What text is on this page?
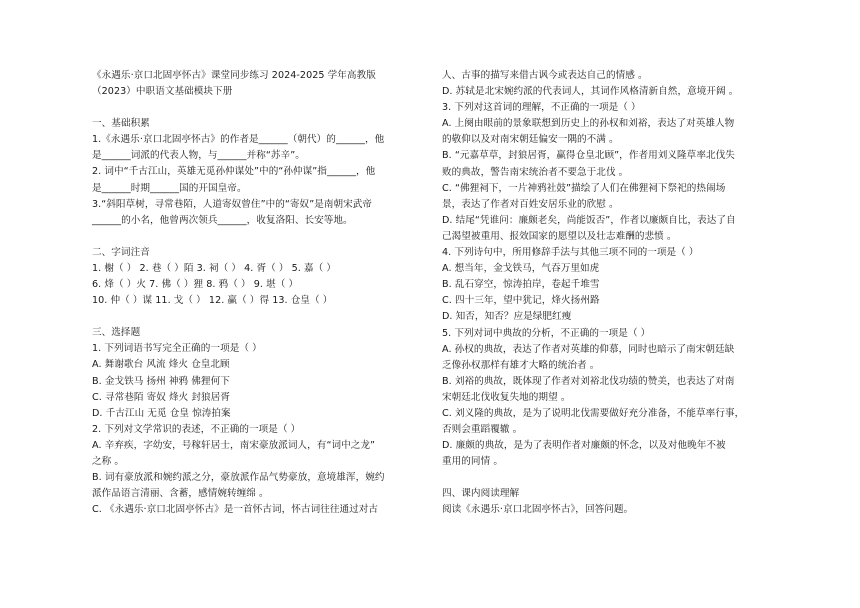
《永遇乐·京口北固亭怀古》课堂同步练习 2024-2025 学年高教版
（2023）中职语文基础模块下册
一、基础积累
1.《永遇乐·京口北固亭怀古》的作者是______（朝代）的______，他
是______词派的代表人物，与______并称“苏辛”。
2. 词中“千古江山，英雄无觅孙仲谋处”中的“孙仲谋”指______，他
是______时期______国的开国皇帝。
3.“斜阳草树，寻常巷陌，人道寄奴曾住”中的“寄奴”是南朝宋武帝
______的小名，他曾两次领兵______，收复洛阳、长安等地。
二、字词注音
1. 榭（ ） 2. 巷（ ）陌 3. 祠（ ） 4. 胥（ ） 5. 嘉（ ）
6. 烽（ ）火 7. 佛（ ）狸 8. 鸦（ ） 9. 堪（ ）
10. 仲（ ）谋 11. 戈（ ） 12. 赢（ ）得 13. 仓皇（ ）
三、选择题
1. 下列词语书写完全正确的一项是（ ）
A. 舞谢歌台 风流 烽火 仓皇北顾
B. 金戈铁马 扬州 神鸦 佛狸何下
C. 寻常巷陌 寄奴 烽火 封狼居胥
D. 千古江山 无觅 仓皇 惊涛拍案
2. 下列对文学常识的表述，不正确的一项是（ ）
A. 辛弃疾，字幼安，号稼轩居士，南宋豪放派词人，有“词中之龙”
之称 。
B. 词有豪放派和婉约派之分，豪放派作品气势豪放，意境雄浑，婉约
派作品语言清丽、含蓄，感情婉转缠绵 。
C. 《永遇乐·京口北固亭怀古》是一首怀古词，怀古词往往通过对古
人、古事的描写来借古讽今或表达自己的情感 。
D. 苏轼是北宋婉约派的代表词人，其词作风格清新自然，意境开阔 。
3. 下列对这首词的理解，不正确的一项是（ ）
A. 上阕由眼前的景象联想到历史上的孙权和刘裕，表达了对英雄人物
的敬仰以及对南宋朝廷偏安一隅的不满 。
B. “元嘉草草，封狼居胥，赢得仓皇北顾”，作者用刘义隆草率北伐失
败的典故，警告南宋统治者不要急于北伐 。
C. “佛狸祠下，一片神鸦社鼓”描绘了人们在佛狸祠下祭祀的热闹场
景，表达了作者对百姓安居乐业的欣慰 。
D. 结尾“凭谁问：廉颇老矣，尚能饭否”，作者以廉颇自比，表达了自
己渴望被重用、报效国家的愿望以及壮志难酬的悲愤 。
4. 下列诗句中，所用修辞手法与其他三项不同的一项是（ ）
A. 想当年，金戈铁马，气吞万里如虎
B. 乱石穿空，惊涛拍岸，卷起千堆雪
C. 四十三年，望中犹记，烽火扬州路
D. 知否，知否？应是绿肥红瘦
5. 下列对词中典故的分析，不正确的一项是（ ）
A. 孙权的典故，表达了作者对英雄的仰慕，同时也暗示了南宋朝廷缺
乏像孙权那样有雄才大略的统治者 。
B. 刘裕的典故，既体现了作者对刘裕北伐功绩的赞美，也表达了对南
宋朝廷北伐收复失地的期望 。
C. 刘义隆的典故，是为了说明北伐需要做好充分准备，不能草率行事，
否则会重蹈覆辙 。
D. 廉颇的典故，是为了表明作者对廉颇的怀念，以及对他晚年不被
重用的同情 。
四、课内阅读理解
阅读《永遇乐·京口北固亭怀古》，回答问题。
